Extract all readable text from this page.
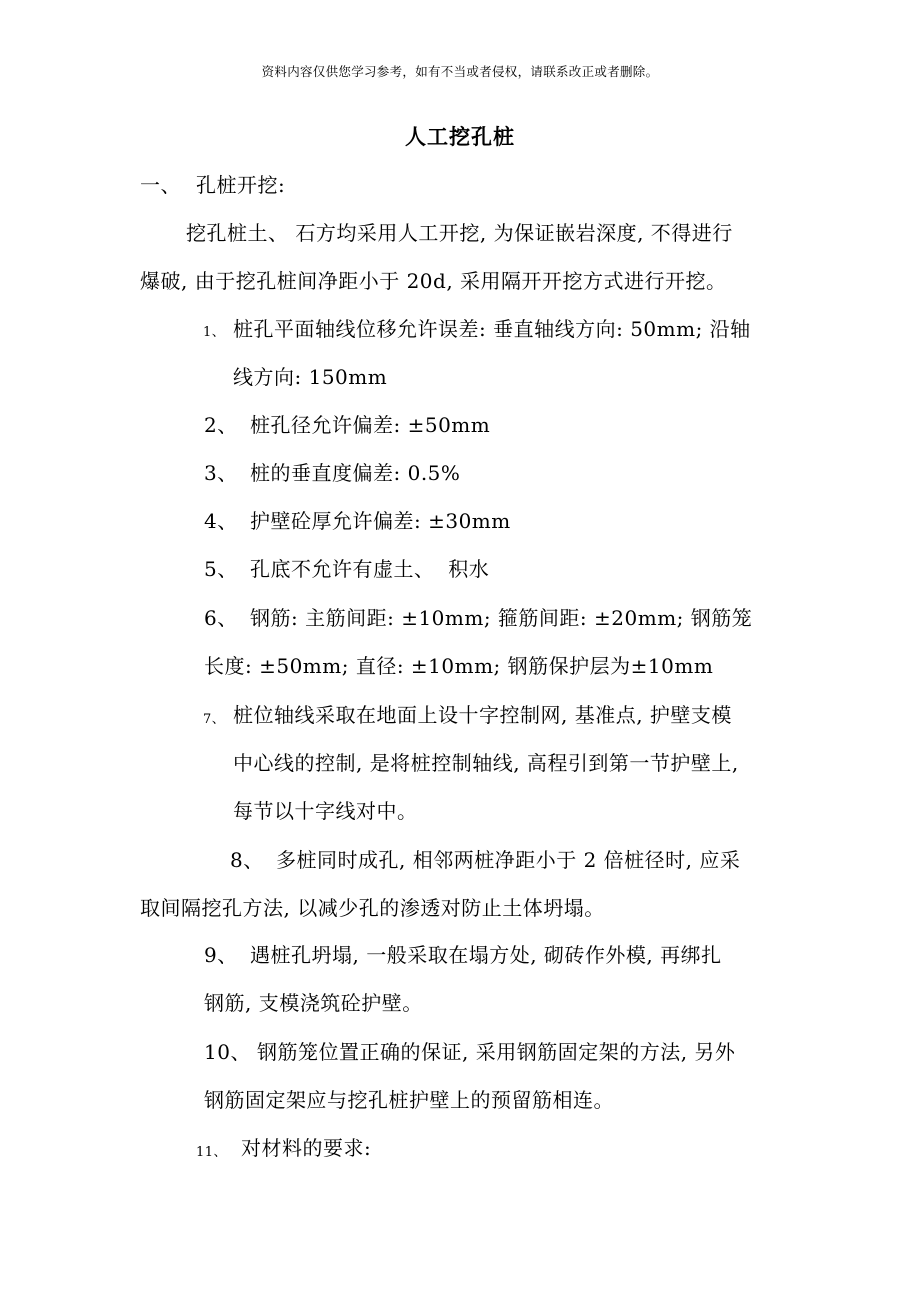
资料内容仅供您学习参考，如有不当或者侵权，请联系改正或者删除。
人工挖孔桩
一、 孔桩开挖:
挖孔桩土、 石方均采用人工开挖, 为保证嵌岩深度, 不得进行
爆破, 由于挖孔桩间净距小于 20d, 采用隔开开挖方式进行开挖。
1、 桩孔平面轴线位移允许误差: 垂直轴线方向: 50mm; 沿轴
线方向: 150mm
2、 桩孔径允许偏差: ±50mm
3、 桩的垂直度偏差: 0.5%
4、 护壁砼厚允许偏差: ±30mm
5、 孔底不允许有虚土、  积水
6、 钢筋: 主筋间距: ±10mm; 箍筋间距: ±20mm; 钢筋笼
长度: ±50mm; 直径: ±10mm; 钢筋保护层为±10mm
7、 桩位轴线采取在地面上设十字控制网, 基准点, 护壁支模
中心线的控制, 是将桩控制轴线, 高程引到第一节护壁上,
每节以十字线对中。
8、 多桩同时成孔, 相邻两桩净距小于 2 倍桩径时, 应采
取间隔挖孔方法, 以减少孔的渗透对防止土体坍塌。
9、 遇桩孔坍塌, 一般采取在塌方处, 砌砖作外模, 再绑扎
钢筋, 支模浇筑砼护壁。
10、 钢筋笼位置正确的保证, 采用钢筋固定架的方法, 另外
钢筋固定架应与挖孔桩护壁上的预留筋相连。
11、 对材料的要求:
